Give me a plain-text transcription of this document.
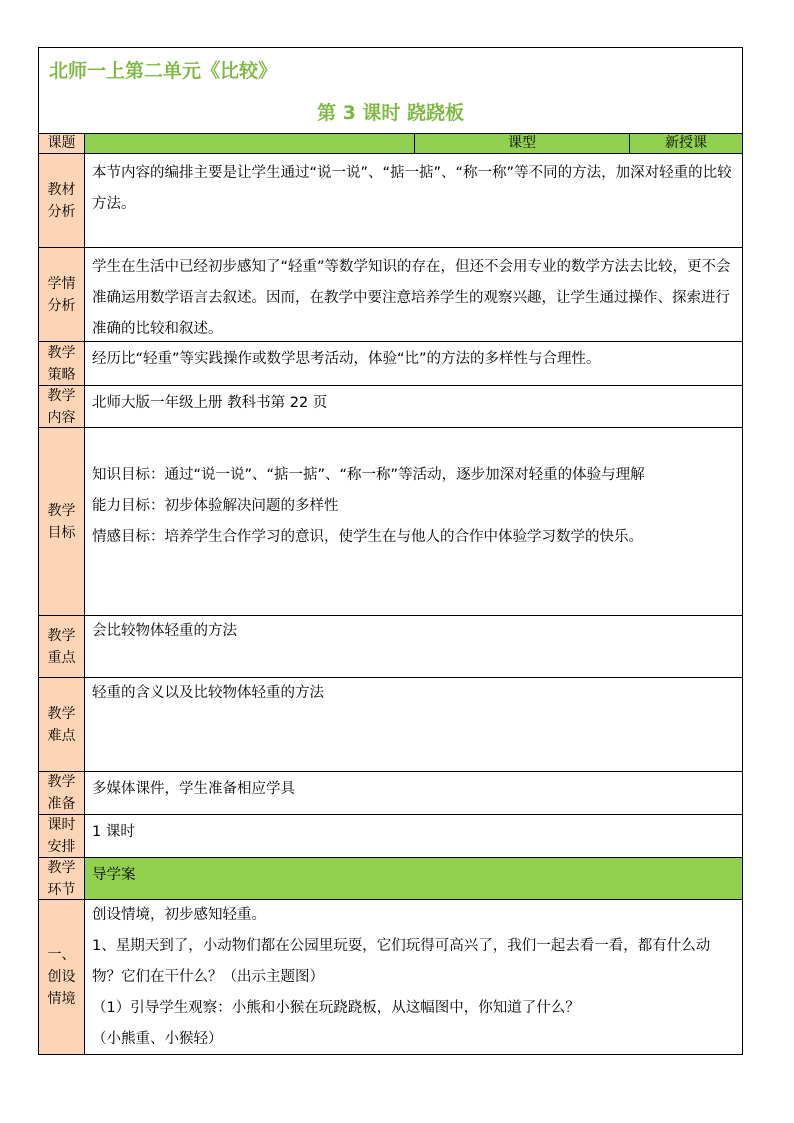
北师一上第二单元《比较》
第 3 课时 跷跷板
课题	课型	新授课
教材分析

本节内容的编排主要是让学生通过“说一说”、“掂一掂”、“称一称”等不同的方法，加深对轻重的比较方法。

学情分析

学生在生活中已经初步感知了“轻重”等数学知识的存在，但还不会用专业的数学方法去比较，更不会准确运用数学语言去叙述。因而，在教学中要注意培养学生的观察兴趣，让学生通过操作、探索进行准确的比较和叙述。

教学策略

经历比“轻重”等实践操作或数学思考活动，体验“比”的方法的多样性与合理性。

教学内容

北师大版一年级上册 教科书第 22 页

教学目标

知识目标：通过“说一说”、“掂一掂”、“称一称”等活动，逐步加深对轻重的体验与理解

能力目标：初步体验解决问题的多样性

情感目标：培养学生合作学习的意识，使学生在与他人的合作中体验学习数学的快乐。

教学重点

会比较物体轻重的方法

教学难点

轻重的含义以及比较物体轻重的方法

教学准备

多媒体课件，学生准备相应学具

课时安排

1 课时

教学环节

导学案

一、创设情境

创设情境，初步感知轻重。

1、星期天到了，小动物们都在公园里玩耍，它们玩得可高兴了，我们一起去看一看，都有什么动物？它们在干什么？（出示主题图）

（1）引导学生观察：小熊和小猴在玩跷跷板，从这幅图中，你知道了什么？

（小熊重、小猴轻）
